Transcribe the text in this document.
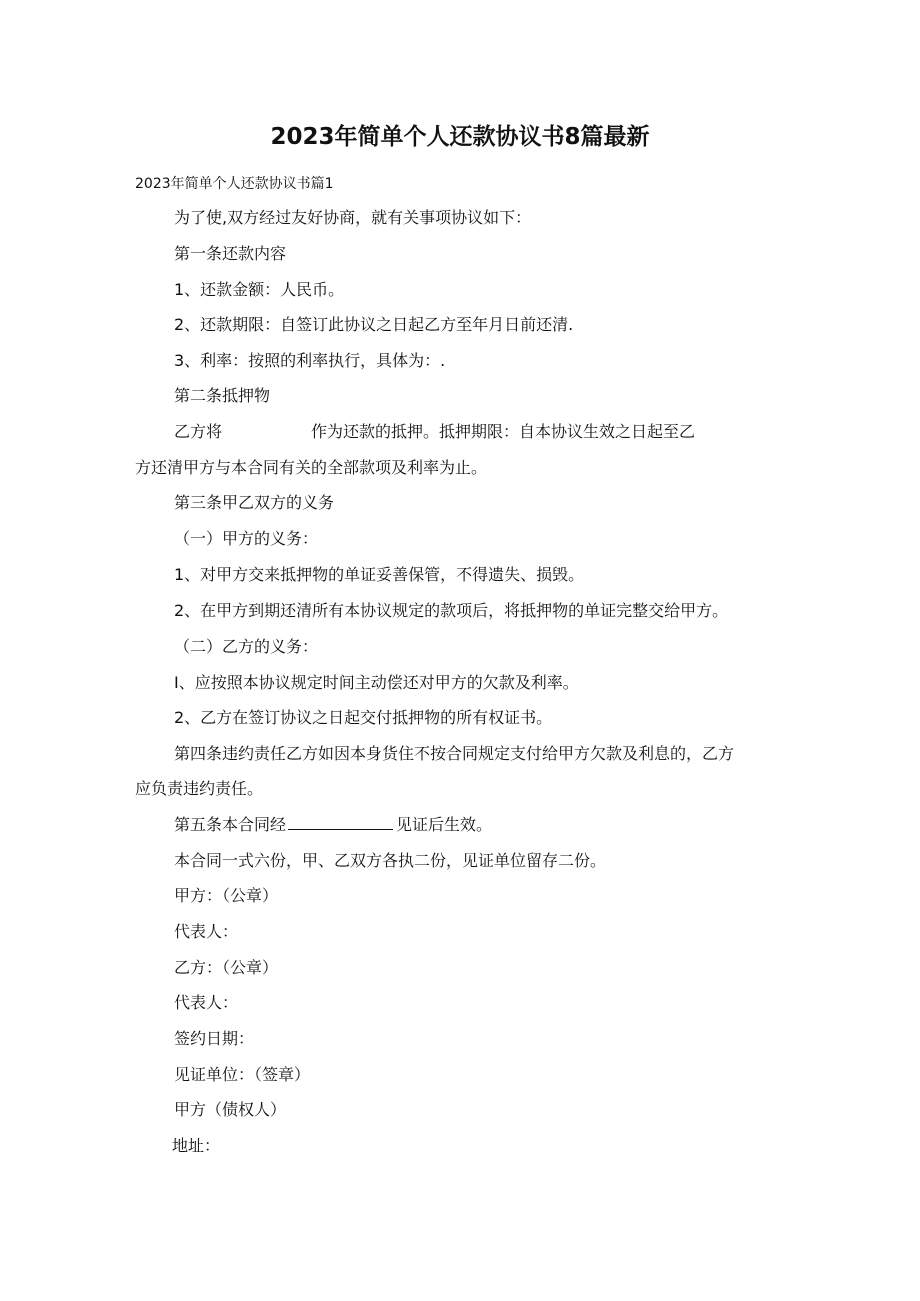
2023年简单个人还款协议书8篇最新
2023年简单个人还款协议书篇1
为了使,双方经过友好协商，就有关事项协议如下：
第一条还款内容
1、还款金额：人民币。
2、还款期限：自签订此协议之日起乙方至年月日前还清.
3、利率：按照的利率执行，具体为：.
第二条抵押物
乙方将	作为还款的抵押。抵押期限：自本协议生效之日起至乙
方还清甲方与本合同有关的全部款项及利率为止。
第三条甲乙双方的义务
（一）甲方的义务：
1、对甲方交来抵押物的单证妥善保管，不得遗失、损毁。
2、在甲方到期还清所有本协议规定的款项后，将抵押物的单证完整交给甲方。
（二）乙方的义务：
I、应按照本协议规定时间主动偿还对甲方的欠款及利率。
2、乙方在签订协议之日起交付抵押物的所有权证书。
第四条违约责任乙方如因本身货住不按合同规定支付给甲方欠款及利息的，乙方
应负责违约责任。
第五条本合同经	见证后生效。
本合同一式六份，甲、乙双方各执二份，见证单位留存二份。
甲方：（公章）
代表人：
乙方：（公章）
代表人：
签约日期：
见证单位：（签章）
甲方（债权人）
地址：
